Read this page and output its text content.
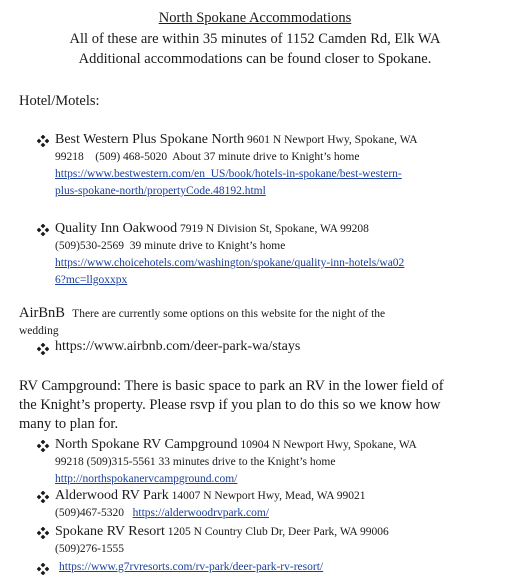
North Spokane Accommodations
All of these are within 35 minutes of 1152 Camden Rd, Elk WA
Additional accommodations can be found closer to Spokane.
Hotel/Motels:
Best Western Plus Spokane North 9601 N Newport Hwy, Spokane, WA
99218 (509) 468-5020 About 37 minute drive to Knight’s home
https://www.bestwestern.com/en_US/book/hotels-in-spokane/best-western-
plus-spokane-north/propertyCode.48192.html
Quality Inn Oakwood 7919 N Division St, Spokane, WA 99208
(509)530-2569 39 minute drive to Knight’s home
https://www.choicehotels.com/washington/spokane/quality-inn-hotels/wa02
6?mc=llgoxxpx
AirBnB There are currently some options on this website for the night of the
wedding
https://www.airbnb.com/deer-park-wa/stays
RV Campground: There is basic space to park an RV in the lower field of
the Knight’s property. Please rsvp if you plan to do this so we know how
many to plan for.
North Spokane RV Campground 10904 N Newport Hwy, Spokane, WA
99218 (509)315-5561 33 minutes drive to the Knight’s home
http://northspokanervcampground.com/
Alderwood RV Park 14007 N Newport Hwy, Mead, WA 99021
(509)467-5320 https://alderwoodrvpark.com/
Spokane RV Resort 1205 N Country Club Dr, Deer Park, WA 99006
(509)276-1555
https://www.g7rvresorts.com/rv-park/deer-park-rv-resort/
